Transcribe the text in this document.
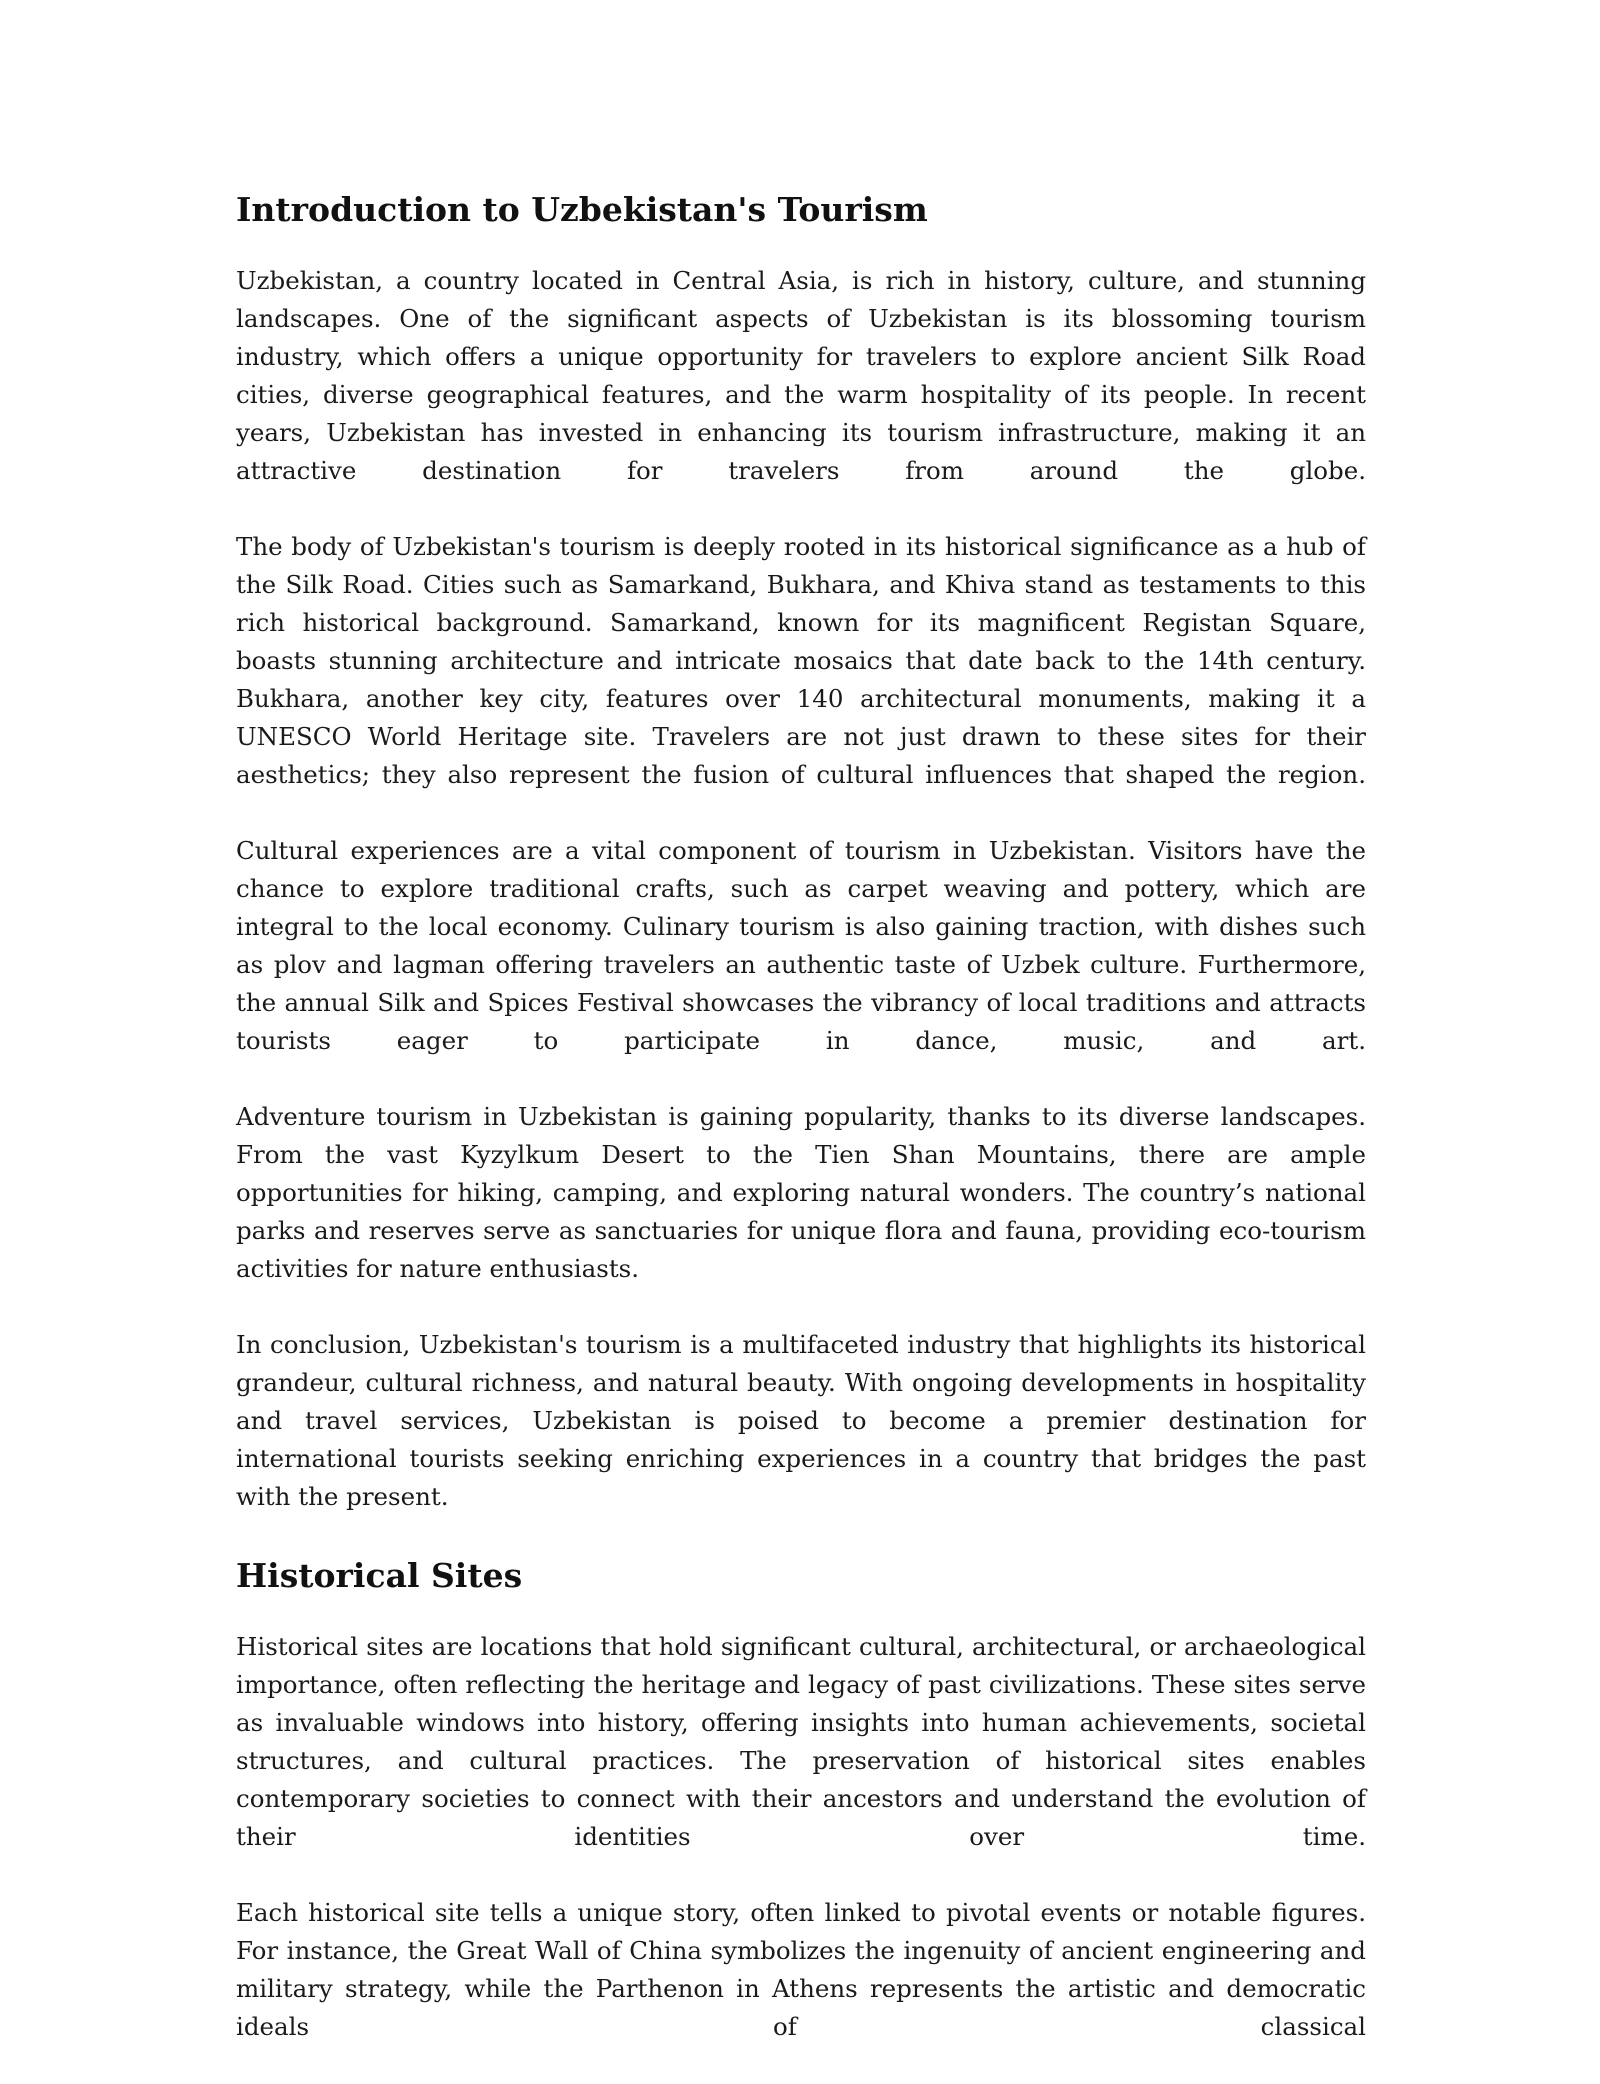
Introduction to Uzbekistan's Tourism

Uzbekistan, a country located in Central Asia, is rich in history, culture, and stunning landscapes. One of the significant aspects of Uzbekistan is its blossoming tourism industry, which offers a unique opportunity for travelers to explore ancient Silk Road cities, diverse geographical features, and the warm hospitality of its people. In recent years, Uzbekistan has invested in enhancing its tourism infrastructure, making it an attractive destination for travelers from around the globe.

The body of Uzbekistan's tourism is deeply rooted in its historical significance as a hub of the Silk Road. Cities such as Samarkand, Bukhara, and Khiva stand as testaments to this rich historical background. Samarkand, known for its magnificent Registan Square, boasts stunning architecture and intricate mosaics that date back to the 14th century. Bukhara, another key city, features over 140 architectural monuments, making it a UNESCO World Heritage site. Travelers are not just drawn to these sites for their aesthetics; they also represent the fusion of cultural influences that shaped the region.

Cultural experiences are a vital component of tourism in Uzbekistan. Visitors have the chance to explore traditional crafts, such as carpet weaving and pottery, which are integral to the local economy. Culinary tourism is also gaining traction, with dishes such as plov and lagman offering travelers an authentic taste of Uzbek culture. Furthermore, the annual Silk and Spices Festival showcases the vibrancy of local traditions and attracts tourists eager to participate in dance, music, and art.

Adventure tourism in Uzbekistan is gaining popularity, thanks to its diverse landscapes. From the vast Kyzylkum Desert to the Tien Shan Mountains, there are ample opportunities for hiking, camping, and exploring natural wonders. The country’s national parks and reserves serve as sanctuaries for unique flora and fauna, providing eco-tourism activities for nature enthusiasts.

In conclusion, Uzbekistan's tourism is a multifaceted industry that highlights its historical grandeur, cultural richness, and natural beauty. With ongoing developments in hospitality and travel services, Uzbekistan is poised to become a premier destination for international tourists seeking enriching experiences in a country that bridges the past with the present.

Historical Sites

Historical sites are locations that hold significant cultural, architectural, or archaeological importance, often reflecting the heritage and legacy of past civilizations. These sites serve as invaluable windows into history, offering insights into human achievements, societal structures, and cultural practices. The preservation of historical sites enables contemporary societies to connect with their ancestors and understand the evolution of their identities over time.

Each historical site tells a unique story, often linked to pivotal events or notable figures. For instance, the Great Wall of China symbolizes the ingenuity of ancient engineering and military strategy, while the Parthenon in Athens represents the artistic and democratic ideals of classical
